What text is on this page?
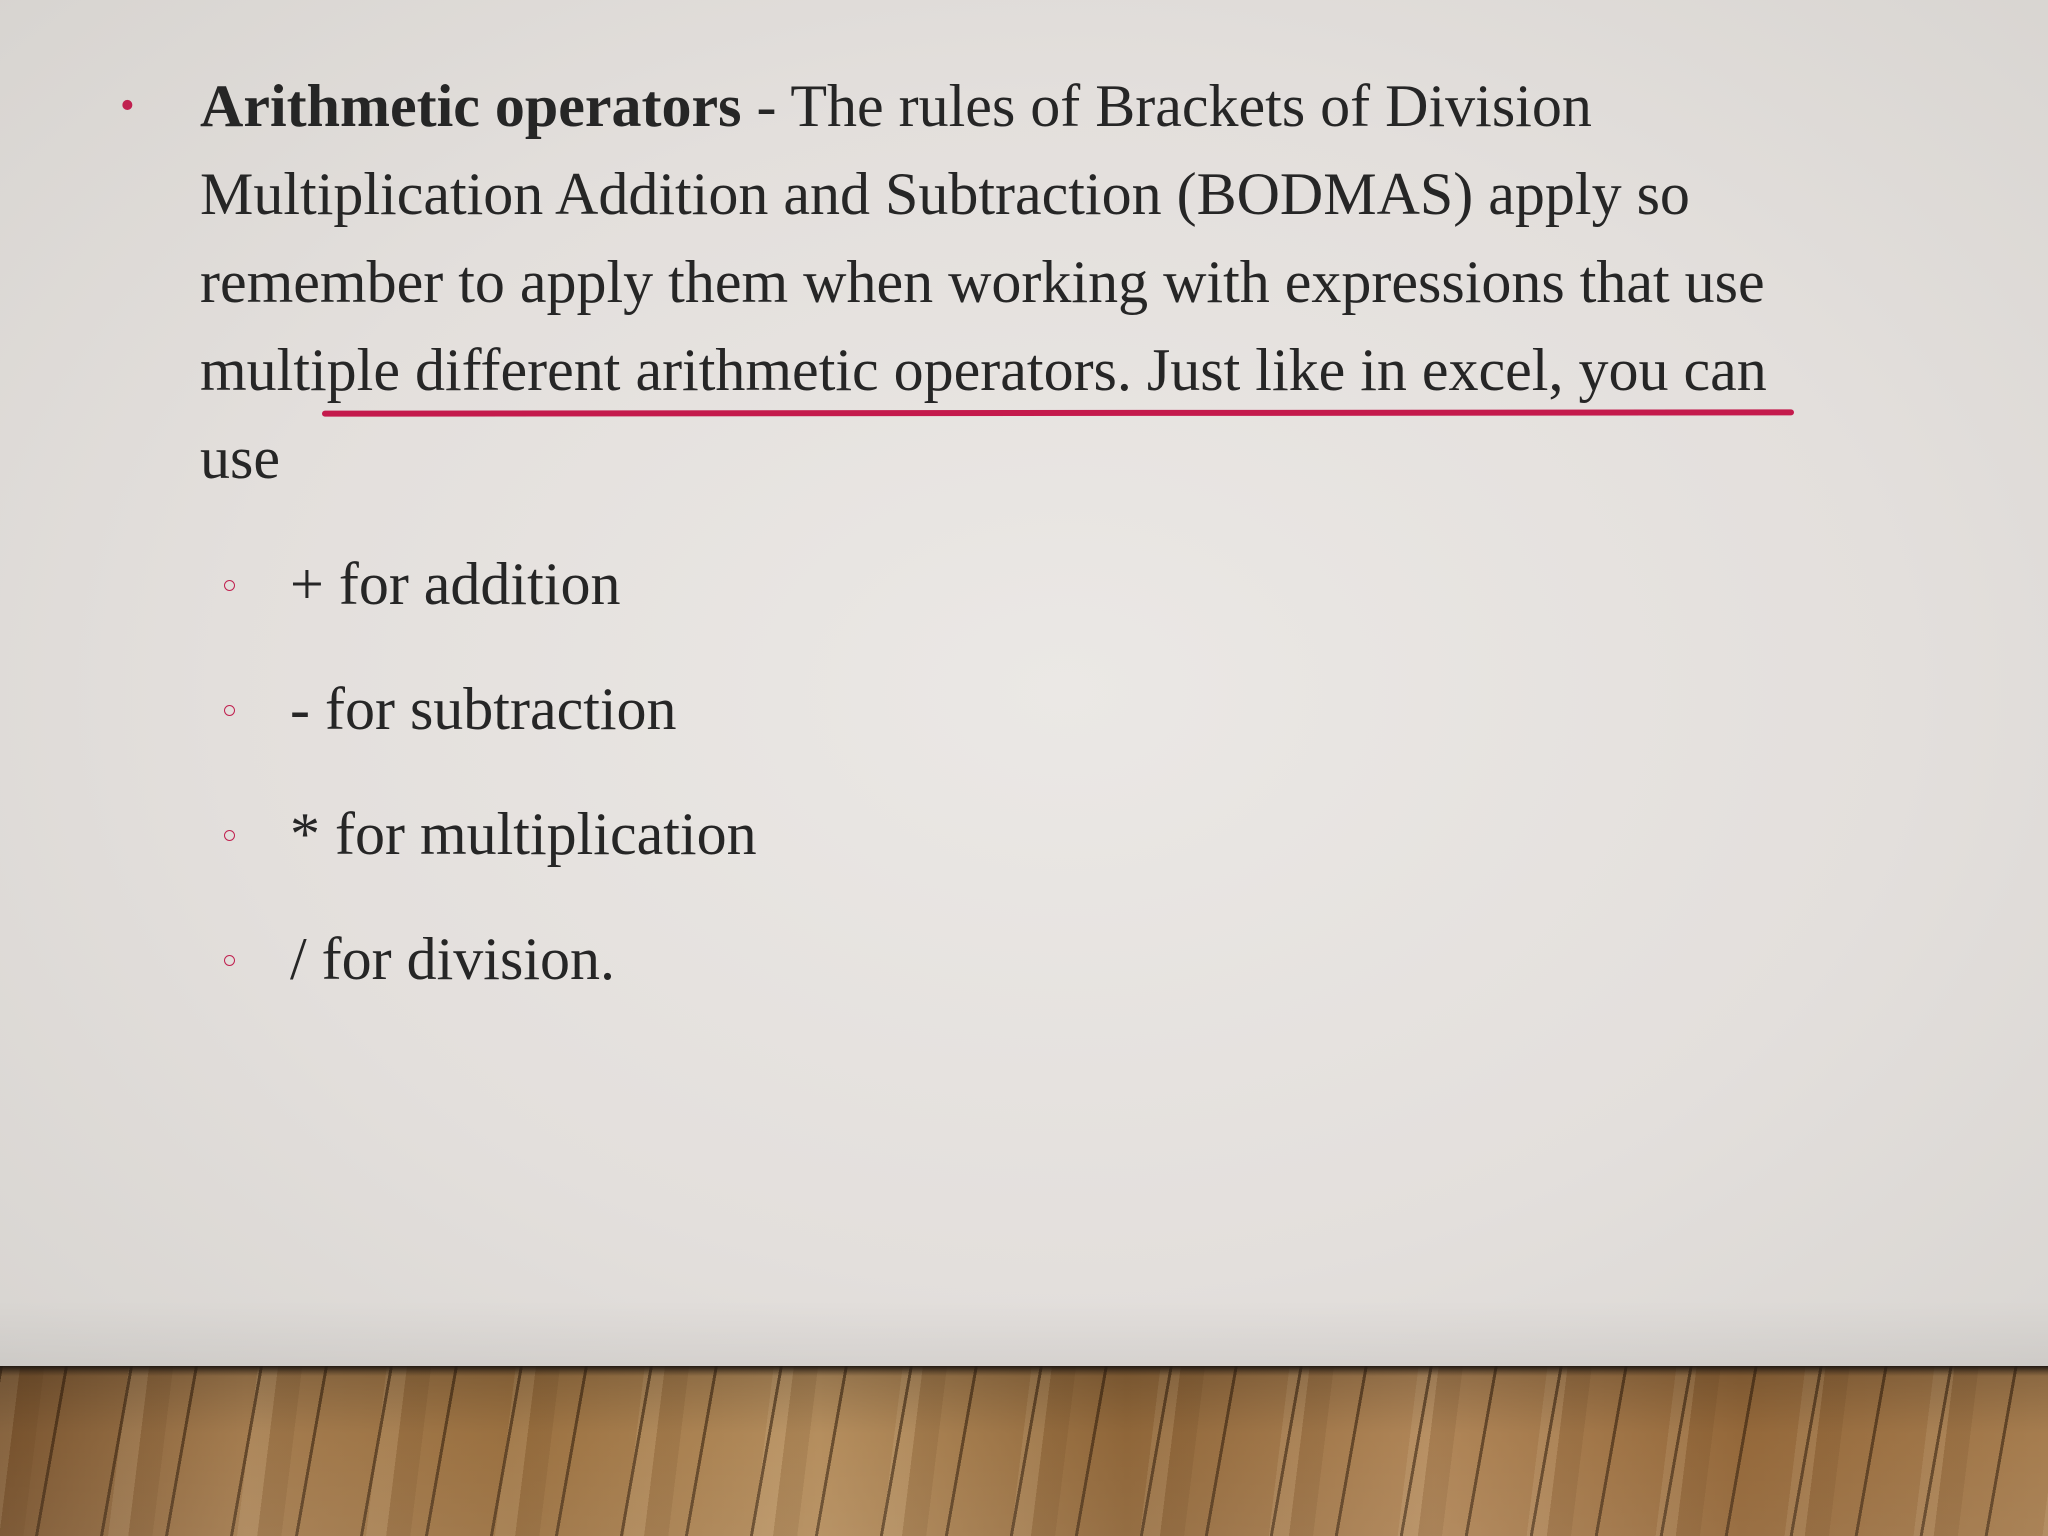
• Arithmetic operators - The rules of Brackets of Division Multiplication Addition and Subtraction (BODMAS) apply so remember to apply them when working with expressions that use multiple different arithmetic operators. Just like in excel, you can use
+ for addition
- for subtraction
* for multiplication
/ for division.
